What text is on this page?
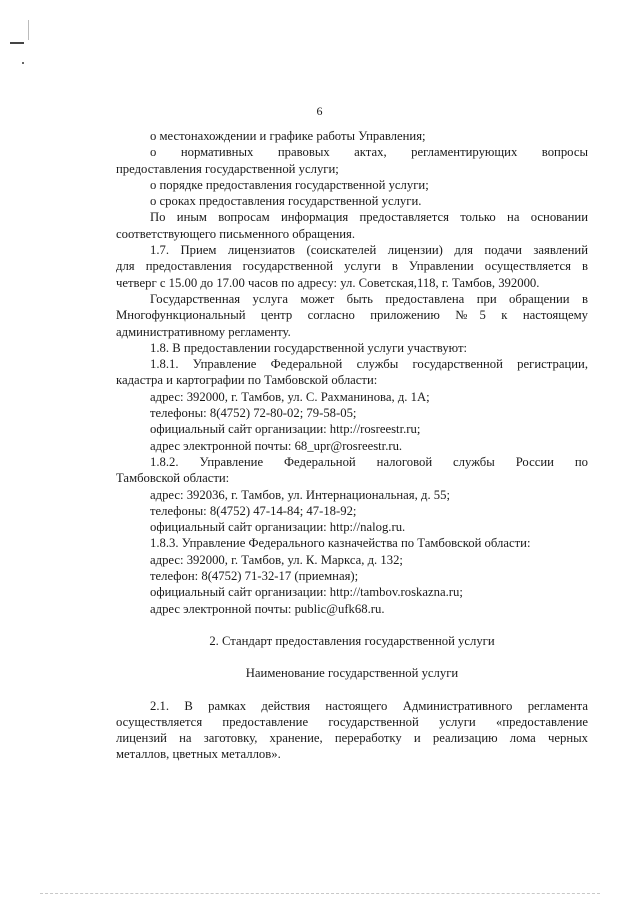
6
о местонахождении и графике работы Управления;
о нормативных правовых актах, регламентирующих вопросы
предоставления государственной услуги;
о порядке предоставления государственной услуги;
о сроках предоставления государственной услуги.
По иным вопросам информация предоставляется только на основании
соответствующего письменного обращения.
1.7. Прием лицензиатов (соискателей лицензии) для подачи заявлений
для предоставления государственной услуги в Управлении осуществляется в
четверг с 15.00 до 17.00 часов по адресу: ул. Советская,118, г. Тамбов, 392000.
Государственная услуга может быть предоставлена при обращении в
Многофункциональный центр согласно приложению №5 к настоящему
административному регламенту.
1.8. В предоставлении государственной услуги участвуют:
1.8.1. Управление Федеральной службы государственной регистрации,
кадастра и картографии по Тамбовской области:
адрес: 392000, г. Тамбов, ул. С. Рахманинова, д. 1А;
телефоны: 8(4752) 72-80-02; 79-58-05;
официальный сайт организации: http://rosreestr.ru;
адрес электронной почты: 68_upr@rosreestr.ru.
1.8.2. Управление Федеральной налоговой службы России по
Тамбовской области:
адрес: 392036, г. Тамбов, ул. Интернациональная, д. 55;
телефоны: 8(4752) 47-14-84; 47-18-92;
официальный сайт организации: http://nalog.ru.
1.8.3. Управление Федерального казначейства по Тамбовской области:
адрес: 392000, г. Тамбов, ул. К. Маркса, д. 132;
телефон: 8(4752) 71-32-17 (приемная);
официальный сайт организации: http://tambov.roskazna.ru;
адрес электронной почты: public@ufk68.ru.
2. Стандарт предоставления государственной услуги
Наименование государственной услуги
2.1. В рамках действия настоящего Административного регламента
осуществляется предоставление государственной услуги «предоставление
лицензий на заготовку, хранение, переработку и реализацию лома черных
металлов, цветных металлов».
